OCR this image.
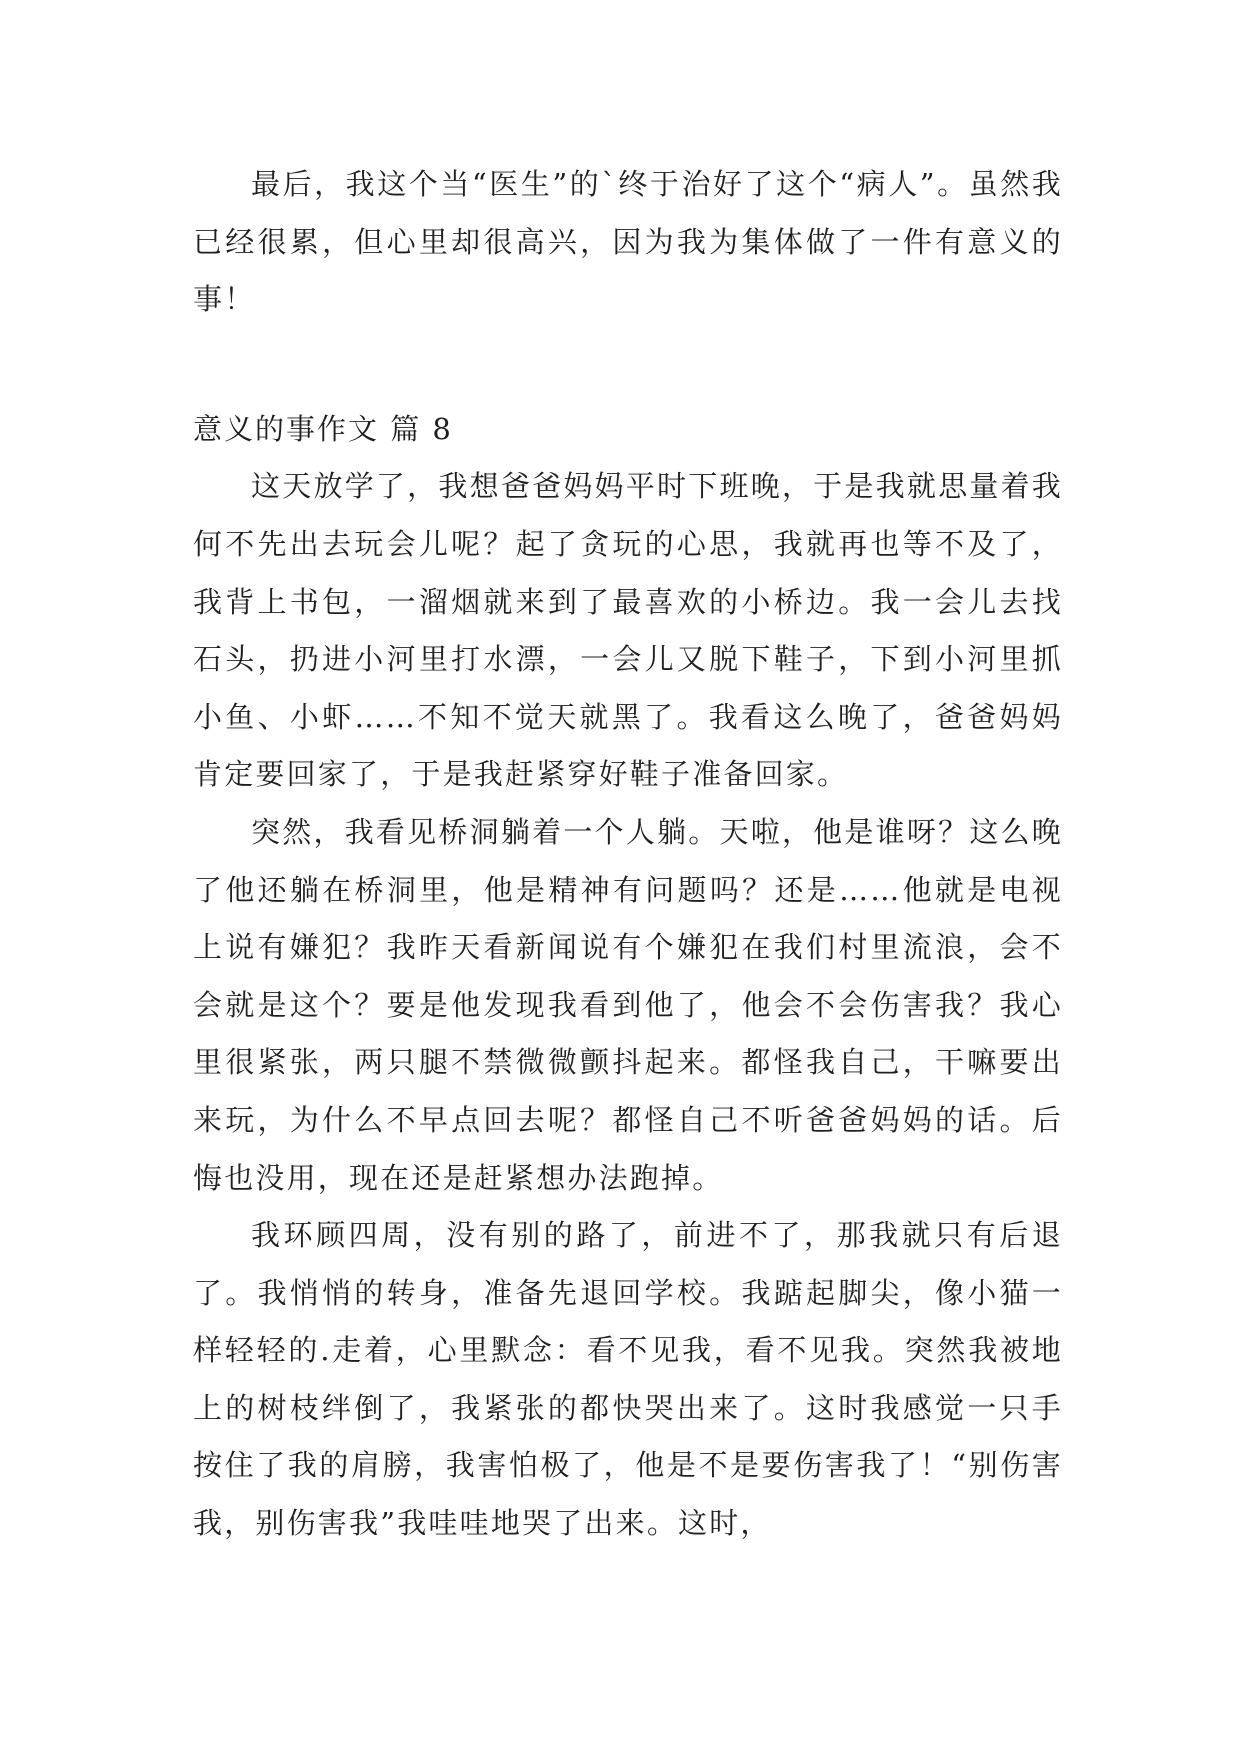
最后，我这个当“医生”的`终于治好了这个“病人”。虽然我已经很累，但心里却很高兴，因为我为集体做了一件有意义的事！

意义的事作文 篇 8

这天放学了，我想爸爸妈妈平时下班晚，于是我就思量着我何不先出去玩会儿呢？起了贪玩的心思，我就再也等不及了，我背上书包，一溜烟就来到了最喜欢的小桥边。我一会儿去找石头，扔进小河里打水漂，一会儿又脱下鞋子，下到小河里抓小鱼、小虾……不知不觉天就黑了。我看这么晚了，爸爸妈妈肯定要回家了，于是我赶紧穿好鞋子准备回家。

突然，我看见桥洞躺着一个人躺。天啦，他是谁呀？这么晚了他还躺在桥洞里，他是精神有问题吗？还是……他就是电视上说有嫌犯？我昨天看新闻说有个嫌犯在我们村里流浪，会不会就是这个？要是他发现我看到他了，他会不会伤害我？我心里很紧张，两只腿不禁微微颤抖起来。都怪我自己，干嘛要出来玩，为什么不早点回去呢？都怪自己不听爸爸妈妈的话。后悔也没用，现在还是赶紧想办法跑掉。

我环顾四周，没有别的路了，前进不了，那我就只有后退了。我悄悄的转身，准备先退回学校。我踮起脚尖，像小猫一样轻轻的.走着，心里默念：看不见我，看不见我。突然我被地上的树枝绊倒了，我紧张的都快哭出来了。这时我感觉一只手按住了我的肩膀，我害怕极了，他是不是要伤害我了！“别伤害我，别伤害我”我哇哇地哭了出来。这时，
